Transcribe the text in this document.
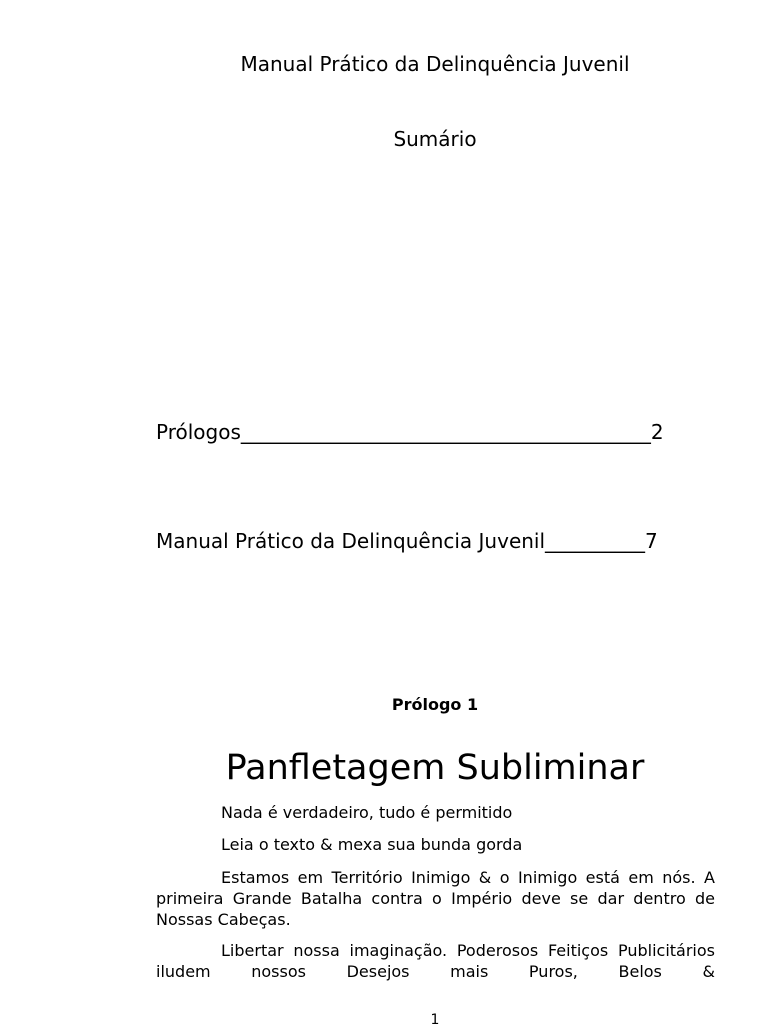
Manual Prático da Delinquência Juvenil
Sumário
Prólogos_________________________________________2
Manual Prático da Delinquência Juvenil__________7
Prólogo 1
Panfletagem Subliminar
Nada é verdadeiro, tudo é permitido
Leia o texto & mexa sua bunda gorda
Estamos em Território Inimigo & o Inimigo está em nós. A primeira Grande Batalha contra o Império deve se dar dentro de Nossas Cabeças.
Libertar nossa imaginação. Poderosos Feitiços Publicitários iludem nossos Desejos mais Puros, Belos &
1
